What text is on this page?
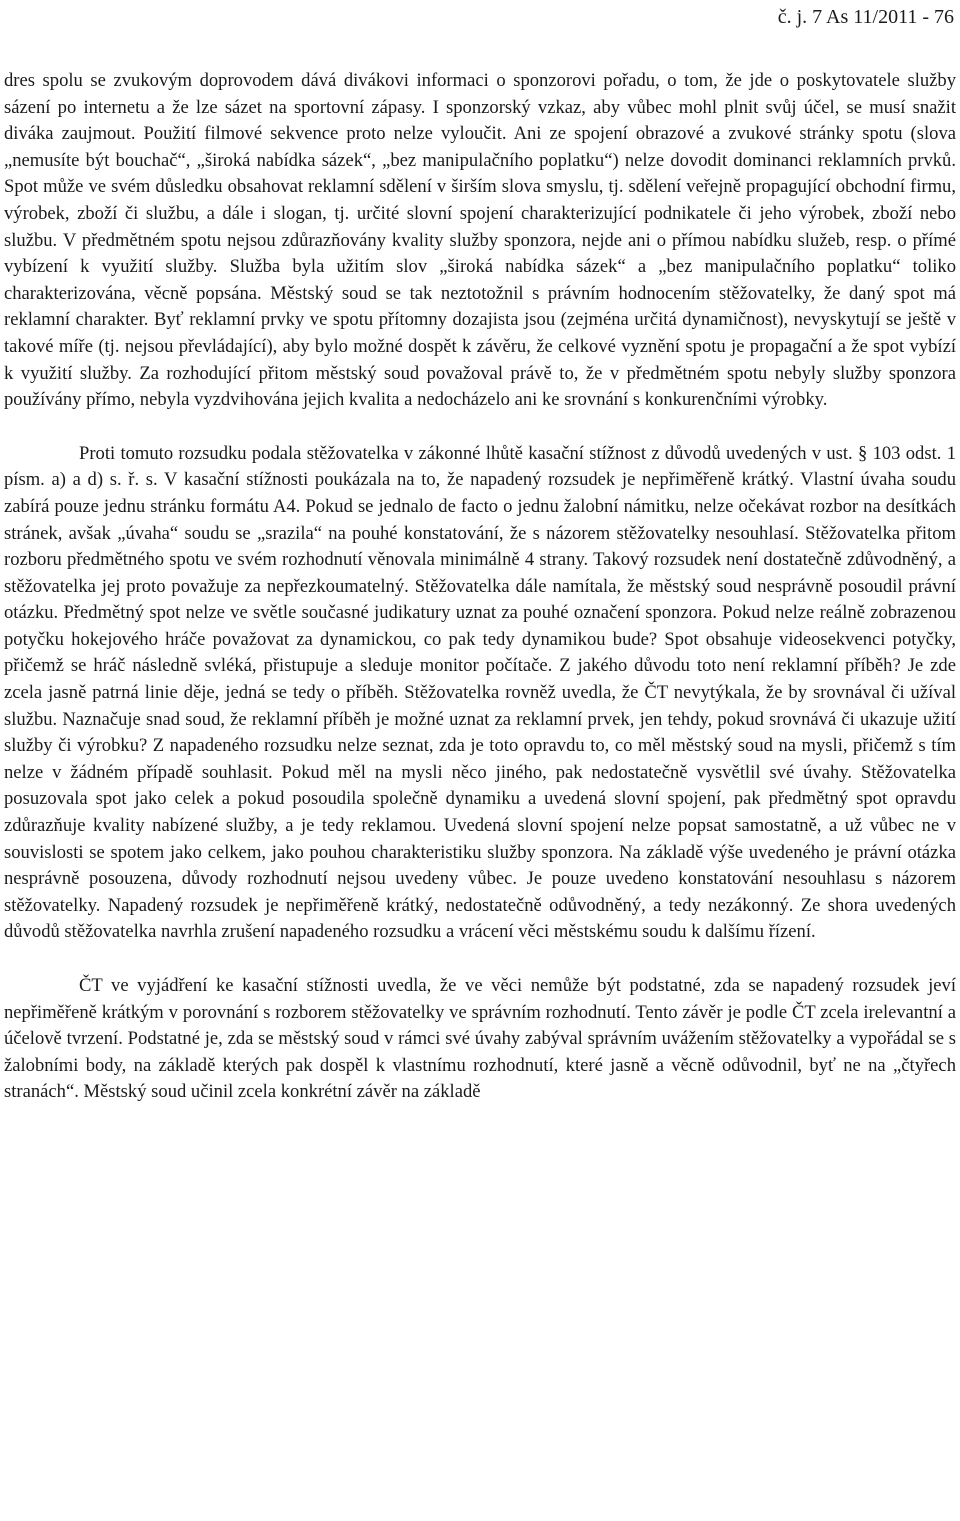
č. j. 7 As 11/2011 - 76

dres spolu se zvukovým doprovodem dává divákovi informaci o sponzorovi pořadu, o tom, že jde o poskytovatele služby sázení po internetu a že lze sázet na sportovní zápasy. I sponzorský vzkaz, aby vůbec mohl plnit svůj účel, se musí snažit diváka zaujmout. Použití filmové sekvence proto nelze vyloučit. Ani ze spojení obrazové a zvukové stránky spotu (slova „nemusíte být bouchač“, „široká nabídka sázek“, „bez manipulačního poplatku“) nelze dovodit dominanci reklamních prvků. Spot může ve svém důsledku obsahovat reklamní sdělení v širším slova smyslu, tj. sdělení veřejně propagující obchodní firmu, výrobek, zboží či službu, a dále i slogan, tj. určité slovní spojení charakterizující podnikatele či jeho výrobek, zboží nebo službu. V předmětném spotu nejsou zdůrazňovány kvality služby sponzora, nejde ani o přímou nabídku služeb, resp. o přímé vybízení k využití služby. Služba byla užitím slov „široká nabídka sázek“ a „bez manipulačního poplatku“ toliko charakterizována, věcně popsána. Městský soud se tak neztotožnil s právním hodnocením stěžovatelky, že daný spot má reklamní charakter. Byť reklamní prvky ve spotu přítomny dozajista jsou (zejména určitá dynamičnost), nevyskytují se ještě v takové míře (tj. nejsou převládající), aby bylo možné dospět k závěru, že celkové vyznění spotu je propagační a že spot vybízí k využití služby. Za rozhodující přitom městský soud považoval právě to, že v předmětném spotu nebyly služby sponzora používány přímo, nebyla vyzdvihována jejich kvalita a nedocházelo ani ke srovnání s konkurenčními výrobky.

Proti tomuto rozsudku podala stěžovatelka v zákonné lhůtě kasační stížnost z důvodů uvedených v ust. § 103 odst. 1 písm. a) a d) s. ř. s. V kasační stížnosti poukázala na to, že napadený rozsudek je nepřiměřeně krátký. Vlastní úvaha soudu zabírá pouze jednu stránku formátu A4. Pokud se jednalo de facto o jednu žalobní námitku, nelze očekávat rozbor na desítkách stránek, avšak „úvaha“ soudu se „srazila“ na pouhé konstatování, že s názorem stěžovatelky nesouhlasí. Stěžovatelka přitom rozboru předmětného spotu ve svém rozhodnutí věnovala minimálně 4 strany. Takový rozsudek není dostatečně zdůvodněný, a stěžovatelka jej proto považuje za nepřezkoumatelný. Stěžovatelka dále namítala, že městský soud nesprávně posoudil právní otázku. Předmětný spot nelze ve světle současné judikatury uznat za pouhé označení sponzora. Pokud nelze reálně zobrazenou potyčku hokejového hráče považovat za dynamickou, co pak tedy dynamikou bude? Spot obsahuje videosekvenci potyčky, přičemž se hráč následně svléká, přistupuje a sleduje monitor počítače. Z jakého důvodu toto není reklamní příběh? Je zde zcela jasně patrná linie děje, jedná se tedy o příběh. Stěžovatelka rovněž uvedla, že ČT nevytýkala, že by srovnával či užíval službu. Naznačuje snad soud, že reklamní příběh je možné uznat za reklamní prvek, jen tehdy, pokud srovnává či ukazuje užití služby či výrobku? Z napadeného rozsudku nelze seznat, zda je toto opravdu to, co měl městský soud na mysli, přičemž s tím nelze v žádném případě souhlasit. Pokud měl na mysli něco jiného, pak nedostatečně vysvětlil své úvahy. Stěžovatelka posuzovala spot jako celek a pokud posoudila společně dynamiku a uvedená slovní spojení, pak předmětný spot opravdu zdůrazňuje kvality nabízené služby, a je tedy reklamou. Uvedená slovní spojení nelze popsat samostatně, a už vůbec ne v souvislosti se spotem jako celkem, jako pouhou charakteristiku služby sponzora. Na základě výše uvedeného je právní otázka nesprávně posouzena, důvody rozhodnutí nejsou uvedeny vůbec. Je pouze uvedeno konstatování nesouhlasu s názorem stěžovatelky. Napadený rozsudek je nepřiměřeně krátký, nedostatečně odůvodněný, a tedy nezákonný. Ze shora uvedených důvodů stěžovatelka navrhla zrušení napadeného rozsudku a vrácení věci městskému soudu k dalšímu řízení.

ČT ve vyjádření ke kasační stížnosti uvedla, že ve věci nemůže být podstatné, zda se napadený rozsudek jeví nepřiměřeně krátkým v porovnání s rozborem stěžovatelky ve správním rozhodnutí. Tento závěr je podle ČT zcela irelevantní a účelově tvrzení. Podstatné je, zda se městský soud v rámci své úvahy zabýval správním uvážením stěžovatelky a vypořádal se s žalobními body, na základě kterých pak dospěl k vlastnímu rozhodnutí, které jasně a věcně odůvodnil, byť ne na „čtyřech stranách“. Městský soud učinil zcela konkrétní závěr na základě
